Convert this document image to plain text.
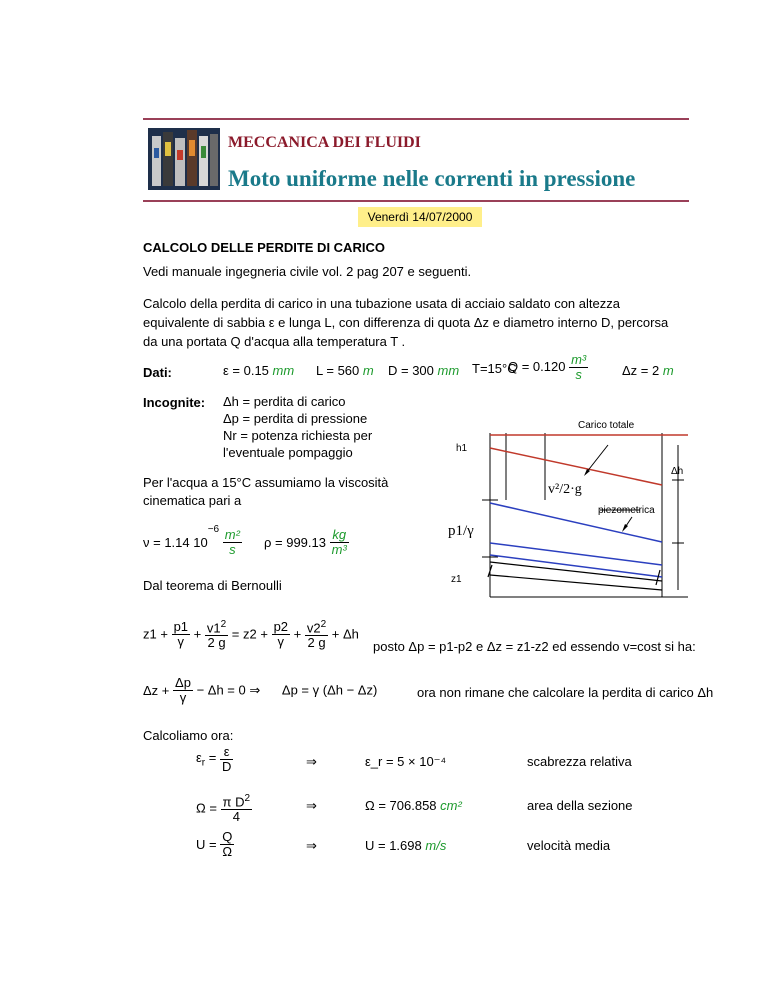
MECCANICA DEI FLUIDI
Moto uniforme nelle correnti in pressione
Venerdì 14/07/2000
CALCOLO DELLE PERDITE DI CARICO
Vedi manuale ingegneria civile vol. 2 pag 207 e seguenti.
Calcolo della perdita di carico in una tubazione usata di acciaio saldato con altezza equivalente di sabbia ε e lunga L, con differenza di quota Δz e diametro interno D, percorsa da una portata Q d'acqua alla temperatura T .
Dati:	ε = 0.15 mm L = 560 m D = 300 mm T=15°C
$Q = 0.120 \frac{\text{m³}}{s}$	Δz = 2 m
Incognite: Δh = perdita di carico
Δp = perdita di pressione
Nr = potenza richiesta per
l'eventuale pompaggio
Per l'acqua a 15°C assumiamo la viscosità
cinematica pari a
ν = 1.14 $10^{-6} \frac{\text{m²}}{s}$ $\rho = 999.13 \frac{kg}{\text{m³}}$
Carico totale
h1
Δh
v²/2·g
piezometrica
p1/γ
z1
Dal teorema di Bernoulli
$z1 + \frac{p1}{\gamma} + \frac{v1^2}{2 g} = z2 + \frac{p2}{\gamma} + \frac{v2^2}{2 g} + \Delta h$
posto Δp = p1-p2 e Δz = z1-z2 ed essendo v=cost si ha:
$\Delta z + \frac{\Delta p}{\gamma} - \Delta h = 0$ ⇒      Δp = γ (Δh − Δz)	ora non rimane che calcolare la perdita di carico Δh
Calcoliamo ora:
$\varepsilon_r = \frac{\varepsilon}{D}$	⇒	ε_r = 5 × 10⁻⁴	scabrezza relativa
$\Omega = \frac{\pi D^2}{4}$	⇒	Ω = 706.858 cm²	area della sezione
$U = \frac{Q}{\Omega}$	⇒	U = 1.698 m/s	velocità media
